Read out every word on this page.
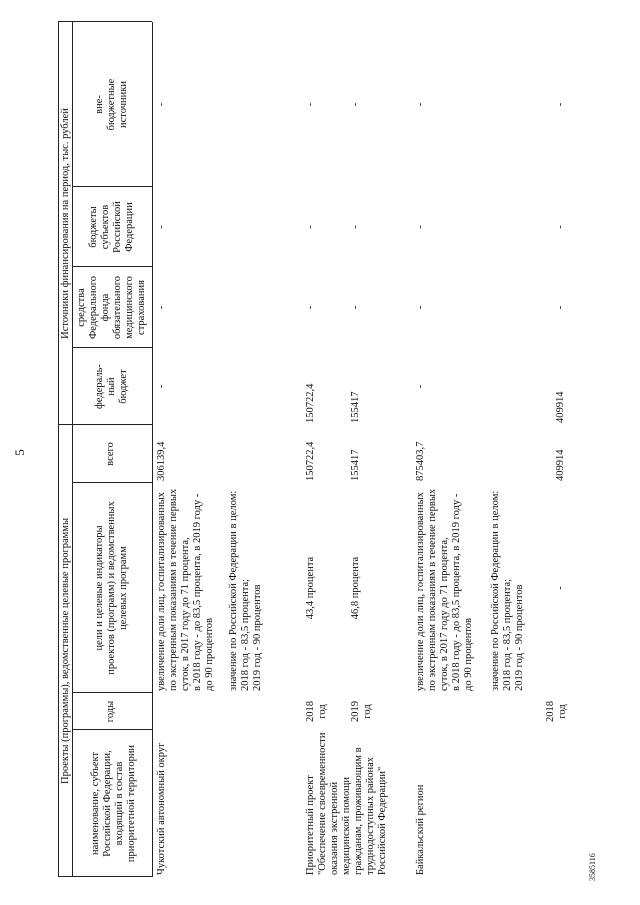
5
Проекты (программы), ведомственные целевые программы
Источники финансирования на период, тыс. рублей
наименование, субъект Российской Федерации, входящий в состав приоритетной территории
годы
цели и целевые индикаторы проектов (программ) и ведомственных целевых программ
всего
федераль- ный бюджет
средства Федерального фонда обязательного медицинского страхования
бюджеты субъектов Российской Федерации
вне- бюджетные источники
Чукотский автономный округ
увеличение доли лиц, госпитализированных по экстренным показаниям в течение первых суток, в 2017 году до 71 процента, в 2018 году - до 83,5 процента, в 2019 году - до 90 процентов значение по Российской Федерации в целом: 2018 год - 83,5 процента; 2019 год - 90 процентов
306139,4
-
-
-
-
Приоритетный проект "Обеспечение своевременности оказания экстренной медицинской помощи гражданам, проживающим в труднодоступных районах Российской Федерации"
2018 год
43,4 процента
150722,4
150722,4
-
-
-
2019 год
46,8 процента
155417
155417
-
-
-
Байкальский регион
увеличение доли лиц, госпитализированных по экстренным показаниям в течение первых суток, в 2017 году до 71 процента, в 2018 году - до 83,5 процента, в 2019 году - до 90 процентов значение по Российской Федерации в целом: 2018 год - 83,5 процента; 2019 год - 90 процентов
875403,7
-
-
-
-
2018 год
-
409914
409914
-
-
-
3585116
